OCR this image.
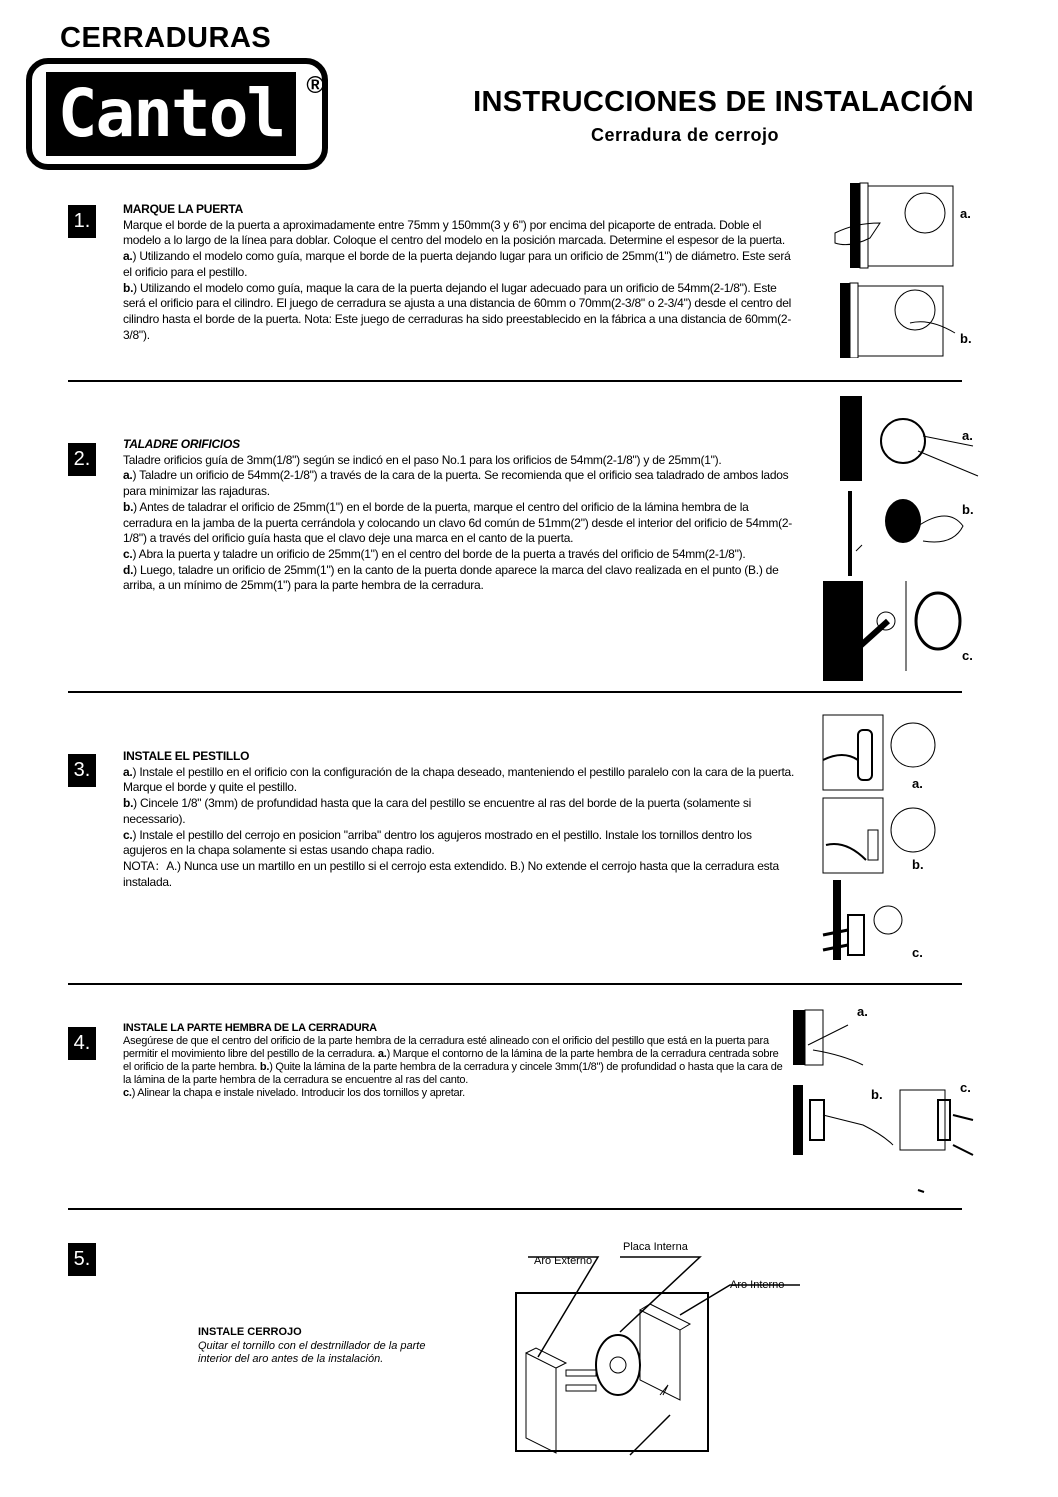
CERRADURAS
Cantol ®
INSTRUCCIONES DE INSTALACIÓN
Cerradura de cerrojo
1.
MARQUE LA PUERTA
Marque el borde de la puerta a aproximadamente entre 75mm y 150mm(3 y 6") por encima del picaporte de entrada. Doble el modelo a lo largo de la línea para doblar. Coloque el centro del modelo en la posición marcada. Determine el espesor de la puerta.
a.) Utilizando el modelo como guía, marque el borde de la puerta dejando lugar para un orificio de 25mm(1") de diámetro. Este será el orificio para el pestillo.
b.) Utilizando el modelo como guía, maque la cara de la puerta dejando el lugar adecuado para un orificio de 54mm(2-1/8"). Este será el orificio para el cilindro. El juego de cerradura se ajusta a una distancia de 60mm o 70mm(2-3/8" o 2-3/4") desde el centro del cilindro hasta el borde de la puerta. Nota: Este juego de cerraduras ha sido preestablecido en la fábrica a una distancia de 60mm(2-3/8").
a.
b.
2.
TALADRE ORIFICIOS
Taladre orificios guía de 3mm(1/8") según se indicó en el paso No.1 para los orificios de 54mm(2-1/8") y de 25mm(1").
a.) Taladre un orificio de 54mm(2-1/8") a través de la cara de la puerta. Se recomienda que el orificio sea taladrado de ambos lados para minimizar las rajaduras.
b.) Antes de taladrar el orificio de 25mm(1") en el borde de la puerta, marque el centro del orificio de la lámina hembra de la cerradura en la jamba de la puerta cerrándola y colocando un clavo 6d común de 51mm(2") desde el interior del orificio de 54mm(2-1/8") a través del orificio guía hasta que el clavo deje una marca en el canto de la puerta.
c.) Abra la puerta y taladre un orificio de 25mm(1") en el centro del borde de la puerta a través del orificio de 54mm(2-1/8").
d.) Luego, taladre un orificio de 25mm(1") en la canto de la puerta donde aparece la marca del clavo realizada en el punto (B.) de arriba, a un mínimo de 25mm(1") para la parte hembra de la cerradura.
a.
b.
c.
3.
INSTALE EL PESTILLO
a.) Instale el pestillo en el orificio con la configuración de la chapa deseado, manteniendo el pestillo paralelo con la cara de la puerta. Marque el borde y quite el pestillo.
b.) Cincele 1/8" (3mm) de profundidad hasta que la cara del pestillo se encuentre al ras del borde de la puerta (solamente si necessario).
c.) Instale el pestillo del cerrojo en posicion "arriba" dentro los agujeros mostrado en el pestillo. Instale los tornillos dentro los agujeros en la chapa solamente si estas usando chapa radio.
NOTA：A.) Nunca use un martillo en un pestillo si el cerrojo esta extendido. B.) No extende el cerrojo hasta que la cerradura esta instalada.
a.
b.
c.
4.
INSTALE LA PARTE HEMBRA DE LA CERRADURA
Asegúrese de que el centro del orificio de la parte hembra de la cerradura esté alineado con el orificio del pestillo que está en la puerta para permitir el movimiento libre del pestillo de la cerradura. a.) Marque el contorno de la lámina de la parte hembra de la cerradura centrada sobre el orificio de la parte hembra. b.) Quite la lámina de la parte hembra de la cerradura y cincele 3mm(1/8") de profundidad o hasta que la cara de la lámina de la parte hembra de la cerradura se encuentre al ras del canto.
c.) Alinear la chapa e instale nivelado. Introducir los dos tornillos y apretar.
a.
b.	c.
5.
INSTALE CERROJO
Quitar el tornillo con el destrnillador de la parte interior del aro antes de la instalación.
Placa Interna
Aro Externo
Aro Interno
